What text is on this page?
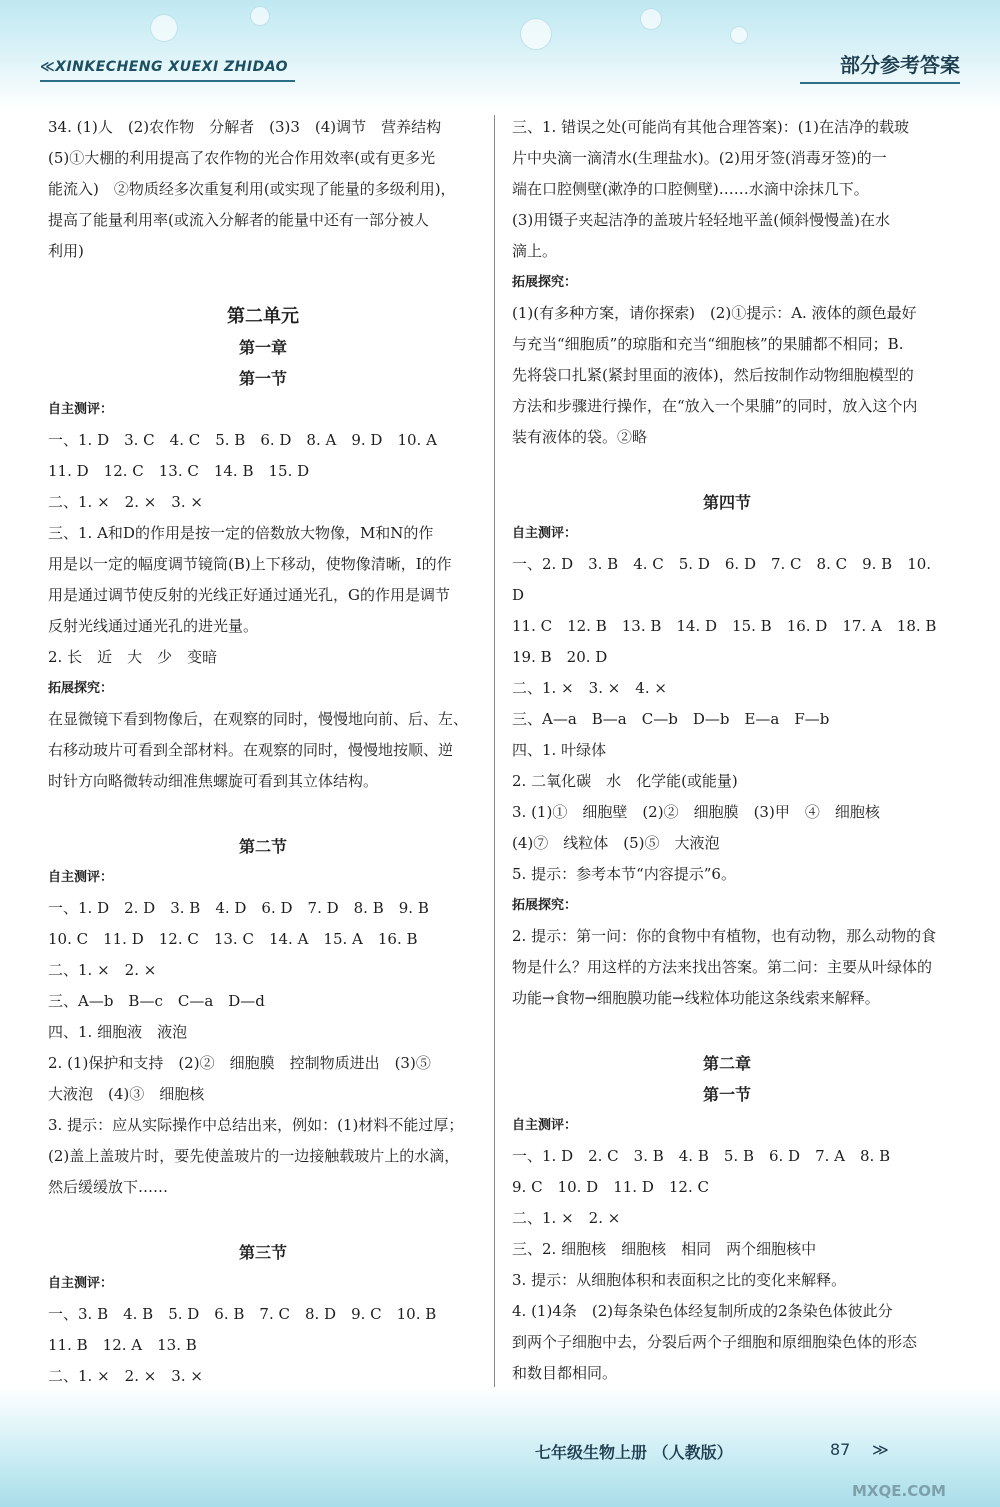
≪XINKECHENG XUEXI ZHIDAO	部分参考答案

34. (1)人　(2)农作物　分解者　(3)3　(4)调节　营养结构

(5)①大棚的利用提高了农作物的光合作用效率(或有更多光

能流入)　②物质经多次重复利用(或实现了能量的多级利用)，

提高了能量利用率(或流入分解者的能量中还有一部分被人

利用)

第二单元

第一章

第一节

自主测评：

一、1. D　3. C　4. C　5. B　6. D　8. A　9. D　10. A

11. D　12. C　13. C　14. B　15. D

二、1. ×　2. ×　3. ×

三、1. A和D的作用是按一定的倍数放大物像，M和N的作

用是以一定的幅度调节镜筒(B)上下移动，使物像清晰，I的作

用是通过调节使反射的光线正好通过通光孔，G的作用是调节

反射光线通过通光孔的进光量。

2. 长　近　大　少　变暗

拓展探究：

在显微镜下看到物像后，在观察的同时，慢慢地向前、后、左、

右移动玻片可看到全部材料。在观察的同时，慢慢地按顺、逆

时针方向略微转动细准焦螺旋可看到其立体结构。

第二节

自主测评：

一、1. D　2. D　3. B　4. D　6. D　7. D　8. B　9. B

10. C　11. D　12. C　13. C　14. A　15. A　16. B

二、1. ×　2. ×

三、A—b　B—c　C—a　D—d

四、1. 细胞液　液泡

2. (1)保护和支持　(2)②　细胞膜　控制物质进出　(3)⑤

大液泡　(4)③　细胞核

3. 提示：应从实际操作中总结出来，例如：(1)材料不能过厚；

(2)盖上盖玻片时，要先使盖玻片的一边接触载玻片上的水滴，

然后缓缓放下……

第三节

自主测评：

一、3. B　4. B　5. D　6. B　7. C　8. D　9. C　10. B

11. B　12. A　13. B

二、1. ×　2. ×　3. ×

三、1. 错误之处(可能尚有其他合理答案)：(1)在洁净的载玻

片中央滴一滴清水(生理盐水)。(2)用牙签(消毒牙签)的一

端在口腔侧壁(漱净的口腔侧壁)……水滴中涂抹几下。

(3)用镊子夹起洁净的盖玻片轻轻地平盖(倾斜慢慢盖)在水

滴上。

拓展探究：

(1)(有多种方案，请你探索)　(2)①提示：A. 液体的颜色最好

与充当“细胞质”的琼脂和充当“细胞核”的果脯都不相同；B.

先将袋口扎紧(紧封里面的液体)，然后按制作动物细胞模型的

方法和步骤进行操作，在“放入一个果脯”的同时，放入这个内

装有液体的袋。②略

第四节

自主测评：

一、2. D　3. B　4. C　5. D　6. D　7. C　8. C　9. B　10. D

11. C　12. B　13. B　14. D　15. B　16. D　17. A　18. B

19. B　20. D

二、1. ×　3. ×　4. ×

三、A—a　B—a　C—b　D—b　E—a　F—b

四、1. 叶绿体

2. 二氧化碳　水　化学能(或能量)

3. (1)①　细胞壁　(2)②　细胞膜　(3)甲　④　细胞核

(4)⑦　线粒体　(5)⑤　大液泡

5. 提示：参考本节“内容提示”6。

拓展探究：

2. 提示：第一问：你的食物中有植物，也有动物，那么动物的食

物是什么？用这样的方法来找出答案。第二问：主要从叶绿体的

功能→食物→细胞膜功能→线粒体功能这条线索来解释。

第二章

第一节

自主测评：

一、1. D　2. C　3. B　4. B　5. B　6. D　7. A　8. B

9. C　10. D　11. D　12. C

二、1. ×　2. ×

三、2. 细胞核　细胞核　相同　两个细胞核中

3. 提示：从细胞体积和表面积之比的变化来解释。

4. (1)4条　(2)每条染色体经复制所成的2条染色体彼此分

到两个子细胞中去，分裂后两个子细胞和原细胞染色体的形态

和数目都相同。

七年级生物上册 （人教版）	87
MXQE.COM
≫
